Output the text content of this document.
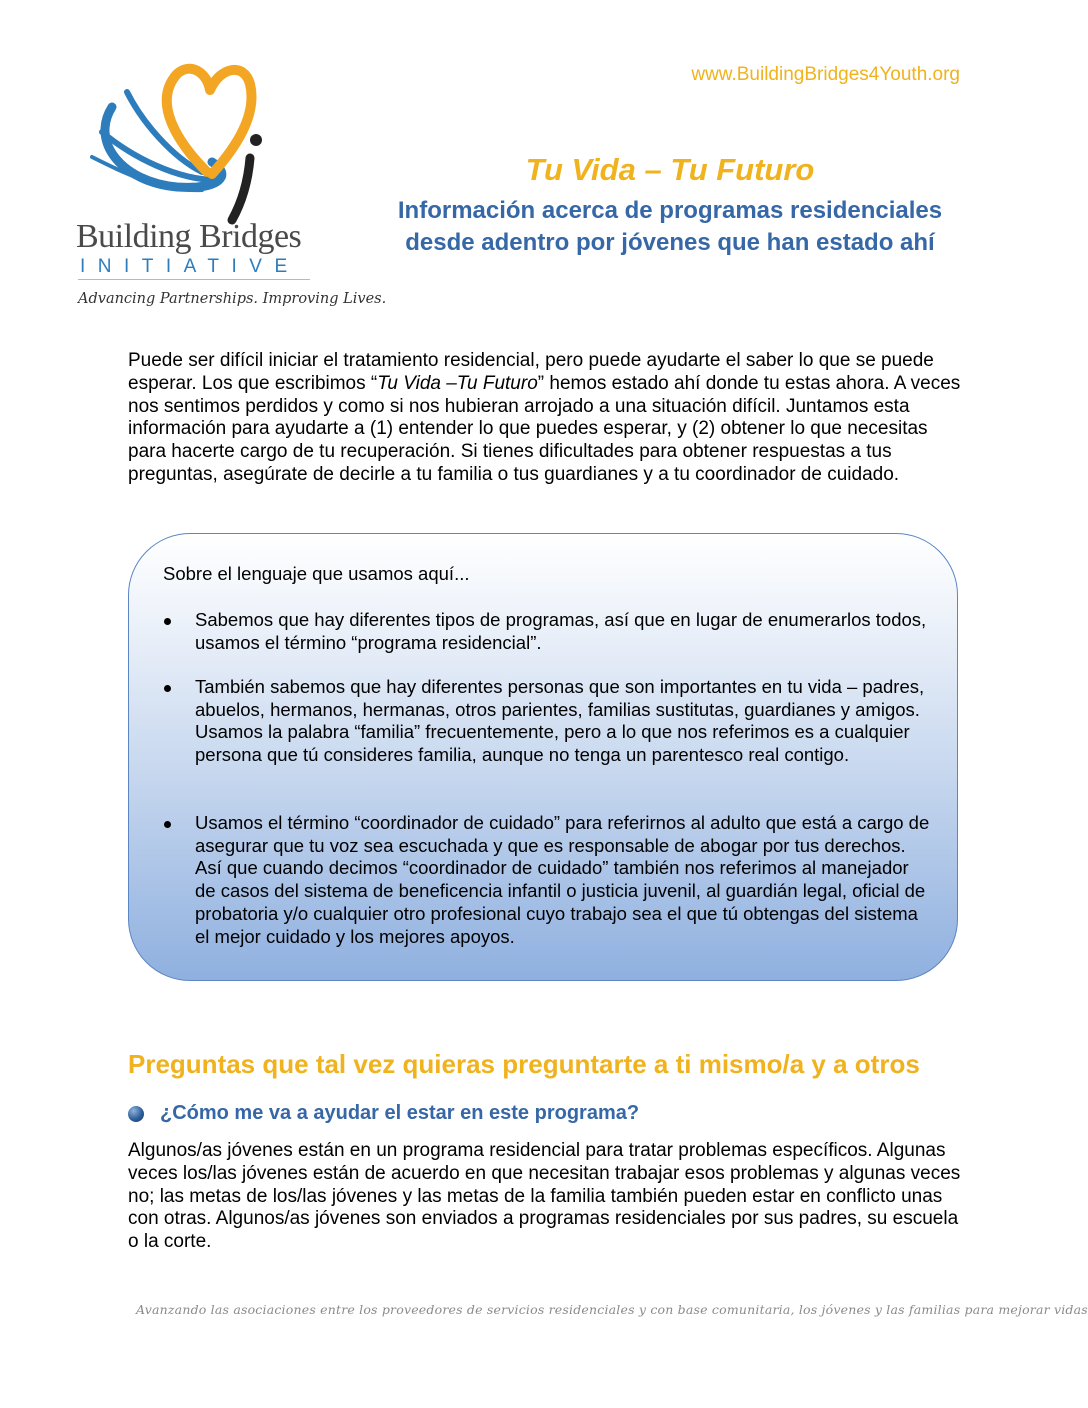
www.BuildingBridges4Youth.org
Building Bridges
INITIATIVE
Advancing Partnerships. Improving Lives.
Tu Vida – Tu Futuro
Información acerca de programas residenciales desde adentro por jóvenes que han estado ahí
Puede ser difícil iniciar el tratamiento residencial, pero puede ayudarte el saber lo que se puede esperar. Los que escribimos “Tu Vida –Tu Futuro” hemos estado ahí donde tu estas ahora. A veces nos sentimos perdidos y como si nos hubieran arrojado a una situación difícil. Juntamos esta información para ayudarte a (1) entender lo que puedes esperar, y (2) obtener lo que necesitas para hacerte cargo de tu recuperación. Si tienes dificultades para obtener respuestas a tus preguntas, asegúrate de decirle a tu familia o tus guardianes y a tu coordinador de cuidado.
Sobre el lenguaje que usamos aquí...
Sabemos que hay diferentes tipos de programas, así que en lugar de enumerarlos todos, usamos el término “programa residencial”.
También sabemos que hay diferentes personas que son importantes en tu vida – padres, abuelos, hermanos, hermanas, otros parientes, familias sustitutas, guardianes y amigos. Usamos la palabra “familia” frecuentemente, pero a lo que nos referimos es a cualquier persona que tú consideres familia, aunque no tenga un parentesco real contigo.
Usamos el término “coordinador de cuidado” para referirnos al adulto que está a cargo de asegurar que tu voz sea escuchada y que es responsable de abogar por tus derechos. Así que cuando decimos “coordinador de cuidado” también nos referimos al manejador de casos del sistema de beneficencia infantil o justicia juvenil, al guardián legal, oficial de probatoria y/o cualquier otro profesional cuyo trabajo sea el que tú obtengas del sistema el mejor cuidado y los mejores apoyos.
Preguntas que tal vez quieras preguntarte a ti mismo/a y a otros
¿Cómo me va a ayudar el estar en este programa?
Algunos/as jóvenes están en un programa residencial para tratar problemas específicos. Algunas veces los/las jóvenes están de acuerdo en que necesitan trabajar esos problemas y algunas veces no; las metas de los/las jóvenes y las metas de la familia también pueden estar en conflicto unas con otras. Algunos/as jóvenes son enviados a programas residenciales por sus padres, su escuela o la corte.
Avanzando las asociaciones entre los proveedores de servicios residenciales y con base comunitaria, los jóvenes y las familias para mejorar vidas
